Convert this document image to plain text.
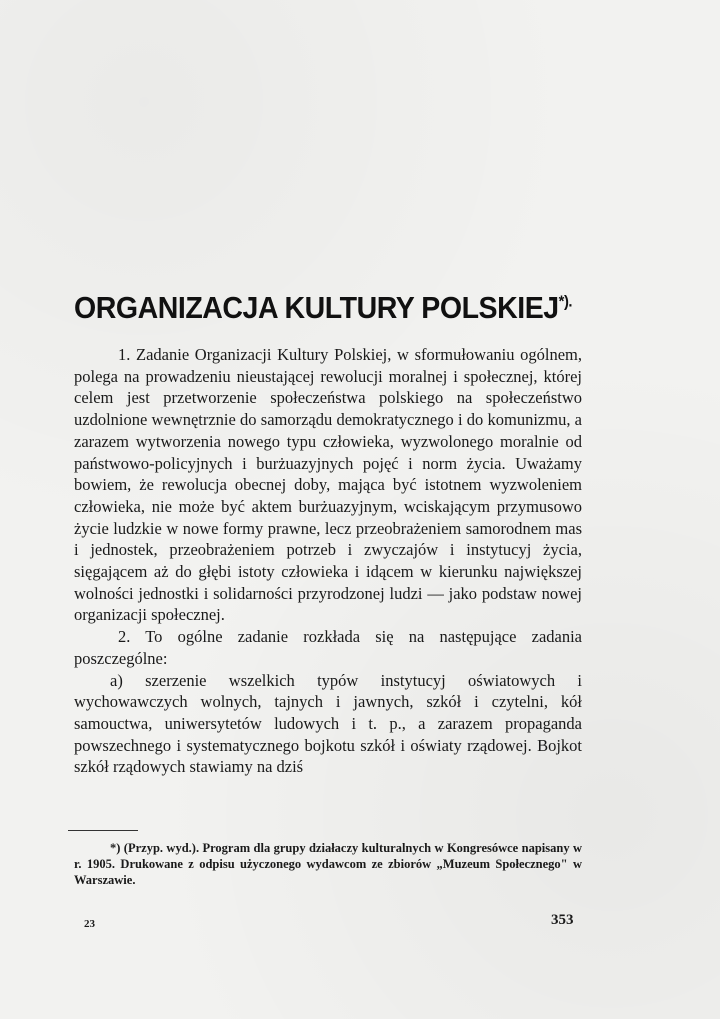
ORGANIZACJA KULTURY POLSKIEJ*).

1. Zadanie Organizacji Kultury Polskiej, w sformułowaniu ogólnem, polega na prowadzeniu nieustającej rewolucji moralnej i społecznej, której celem jest przetworzenie społeczeństwa polskiego na społeczeństwo uzdolnione wewnętrznie do samorządu demokratycznego i do komunizmu, a zarazem wytworzenia nowego typu człowieka, wyzwolonego moralnie od państwowo-policyjnych i burżuazyjnych pojęć i norm życia. Uważamy bowiem, że rewolucja obecnej doby, mająca być istotnem wyzwoleniem człowieka, nie może być aktem burżuazyjnym, wciskającym przymusowo życie ludzkie w nowe formy prawne, lecz przeobrażeniem samorodnem mas i jednostek, przeobrażeniem potrzeb i zwyczajów i instytucyj życia, sięgającem aż do głębi istoty człowieka i idącem w kierunku największej wolności jednostki i solidarności przyrodzonej ludzi — jako podstaw nowej organizacji społecznej.

2. To ogólne zadanie rozkłada się na następujące zadania poszczególne:

a) szerzenie wszelkich typów instytucyj oświatowych i wychowawczych wolnych, tajnych i jawnych, szkół i czytelni, kół samouctwa, uniwersytetów ludowych i t. p., a zarazem propaganda powszechnego i systematycznego bojkotu szkół i oświaty rządowej. Bojkot szkół rządowych stawiamy na dziś

*) (Przyp. wyd.). Program dla grupy działaczy kulturalnych w Kongresówce napisany w r. 1905. Drukowane z odpisu użyczonego wydawcom ze zbiorów „Muzeum Społecznego" w Warszawie.
23	353
